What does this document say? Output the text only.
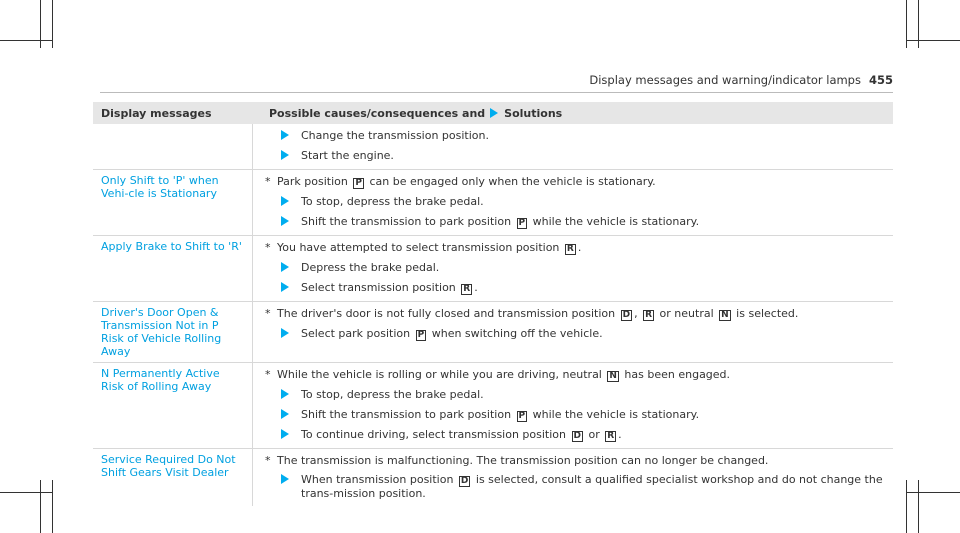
Display messages and warning/indicator lamps 455
Display messages	Possible causes/consequences and Solutions
Change the transmission position.
Start the engine.
Only Shift to 'P' when Vehi-cle is Stationary
* Park position P can be engaged only when the vehicle is stationary.
To stop, depress the brake pedal.
Shift the transmission to park position P while the vehicle is stationary.
Apply Brake to Shift to 'R'	* You have attempted to select transmission position R .
Depress the brake pedal.
Select transmission position R .
Driver's Door Open & Transmission Not in P Risk of Vehicle Rolling Away
* The driver's door is not fully closed and transmission position D , R or neutral N is selected.
Select park position P when switching off the vehicle.
N Permanently Active Risk of Rolling Away
* While the vehicle is rolling or while you are driving, neutral N has been engaged.
To stop, depress the brake pedal.
Shift the transmission to park position P while the vehicle is stationary.
To continue driving, select transmission position D or R .
Service Required Do Not Shift Gears Visit Dealer
* The transmission is malfunctioning. The transmission position can no longer be changed.
When transmission position D is selected, consult a qualified specialist workshop and do not change the trans-mission position.
